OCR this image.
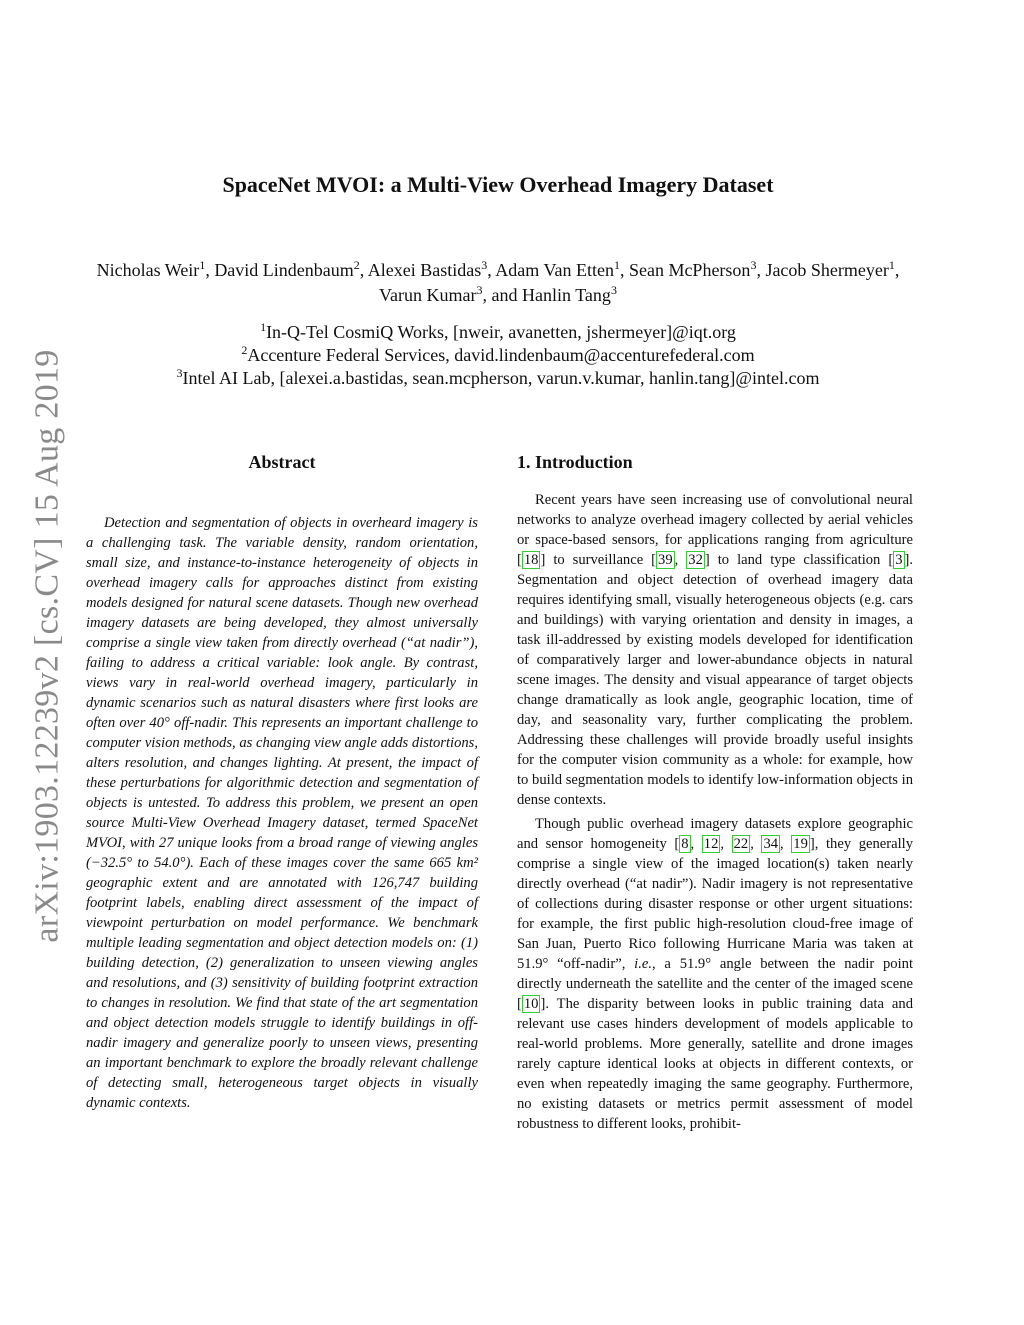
arXiv:1903.12239v2 [cs.CV] 15 Aug 2019
SpaceNet MVOI: a Multi-View Overhead Imagery Dataset
Nicholas Weir$^1$, David Lindenbaum$^2$, Alexei Bastidas$^3$, Adam Van Etten$^1$, Sean McPherson$^3$, Jacob Shermeyer$^1$, Varun Kumar$^3$, and Hanlin Tang$^3$
$^1$In-Q-Tel CosmiQ Works, [nweir, avanetten, jshermeyer]@iqt.org
$^2$Accenture Federal Services, david.lindenbaum@accenturefederal.com
$^3$Intel AI Lab, [alexei.a.bastidas, sean.mcpherson, varun.v.kumar, hanlin.tang]@intel.com
Abstract

Detection and segmentation of objects in overheard imagery is a challenging task. The variable density, random orientation, small size, and instance-to-instance heterogeneity of objects in overhead imagery calls for approaches distinct from existing models designed for natural scene datasets. Though new overhead imagery datasets are being developed, they almost universally comprise a single view taken from directly overhead (“at nadir”), failing to address a critical variable: look angle. By contrast, views vary in real-world overhead imagery, particularly in dynamic scenarios such as natural disasters where first looks are often over 40° off-nadir. This represents an important challenge to computer vision methods, as changing view angle adds distortions, alters resolution, and changes lighting. At present, the impact of these perturbations for algorithmic detection and segmentation of objects is untested. To address this problem, we present an open source Multi-View Overhead Imagery dataset, termed SpaceNet MVOI, with 27 unique looks from a broad range of viewing angles (−32.5° to 54.0°). Each of these images cover the same 665 km² geographic extent and are annotated with 126,747 building footprint labels, enabling direct assessment of the impact of viewpoint perturbation on model performance. We benchmark multiple leading segmentation and object detection models on: (1) building detection, (2) generalization to unseen viewing angles and resolutions, and (3) sensitivity of building footprint extraction to changes in resolution. We find that state of the art segmentation and object detection models struggle to identify buildings in off-nadir imagery and generalize poorly to unseen views, presenting an important benchmark to explore the broadly relevant challenge of detecting small, heterogeneous target objects in visually dynamic contexts.

1. Introduction

Recent years have seen increasing use of convolutional neural networks to analyze overhead imagery collected by aerial vehicles or space-based sensors, for applications ranging from agriculture [ 18 ] to surveillance [ 39 , 32 ] to land type classification [ 3 ]. Segmentation and object detection of overhead imagery data requires identifying small, visually heterogeneous objects (e.g. cars and buildings) with varying orientation and density in images, a task ill-addressed by existing models developed for identification of comparatively larger and lower-abundance objects in natural scene images. The density and visual appearance of target objects change dramatically as look angle, geographic location, time of day, and seasonality vary, further complicating the problem. Addressing these challenges will provide broadly useful insights for the computer vision community as a whole: for example, how to build segmentation models to identify low-information objects in dense contexts.

Though public overhead imagery datasets explore geographic and sensor homogeneity [ 8 , 12 , 22 , 34 , 19 ], they generally comprise a single view of the imaged location(s) taken nearly directly overhead (“at nadir”). Nadir imagery is not representative of collections during disaster response or other urgent situations: for example, the first public high-resolution cloud-free image of San Juan, Puerto Rico following Hurricane Maria was taken at 51.9° “off-nadir”, i.e., a 51.9° angle between the nadir point directly underneath the satellite and the center of the imaged scene [ 10 ]. The disparity between looks in public training data and relevant use cases hinders development of models applicable to real-world problems. More generally, satellite and drone images rarely capture identical looks at objects in different contexts, or even when repeatedly imaging the same geography. Furthermore, no existing datasets or metrics permit assessment of model robustness to different looks, prohibit-
